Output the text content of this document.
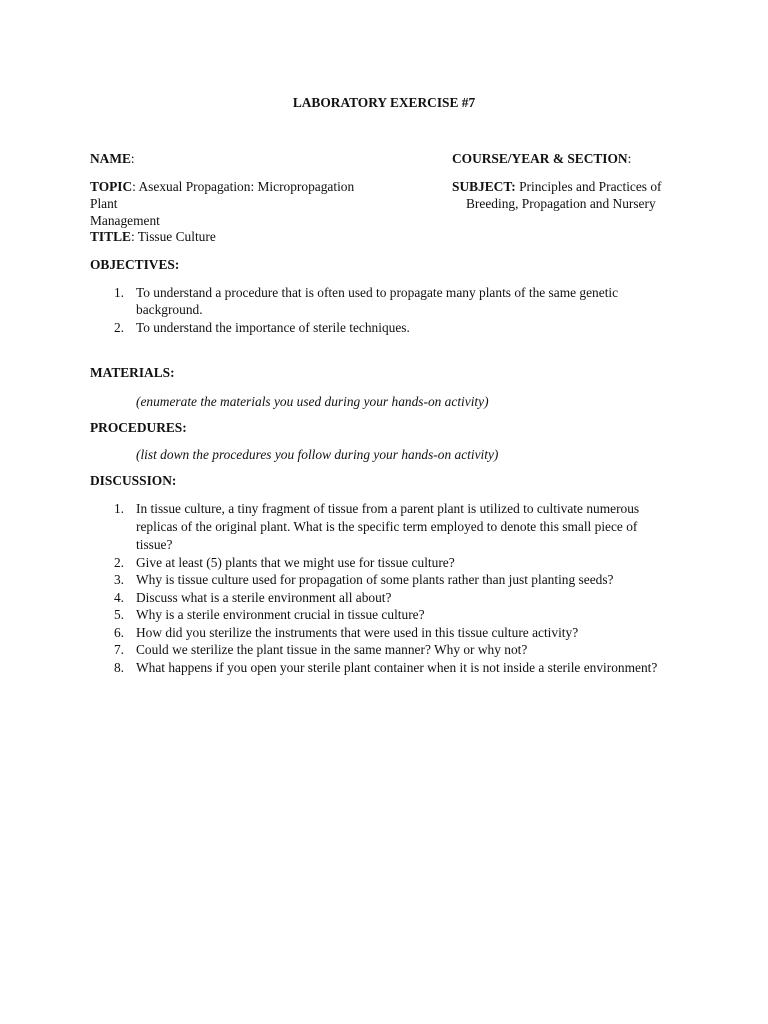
LABORATORY EXERCISE #7
NAME:	COURSE/YEAR & SECTION:
TOPIC: Asexual Propagation: Micropropagation
Plant
Management
SUBJECT: Principles and Practices of
Breeding, Propagation and Nursery
TITLE: Tissue Culture
OBJECTIVES:
1. To understand a procedure that is often used to propagate many plants of the same genetic
background.
2. To understand the importance of sterile techniques.
MATERIALS:
(enumerate the materials you used during your hands-on activity)
PROCEDURES:
(list down the procedures you follow during your hands-on activity)
DISCUSSION:
1. In tissue culture, a tiny fragment of tissue from a parent plant is utilized to cultivate numerous
replicas of the original plant. What is the specific term employed to denote this small piece of
tissue?
2. Give at least (5) plants that we might use for tissue culture?
3. Why is tissue culture used for propagation of some plants rather than just planting seeds?
4. Discuss what is a sterile environment all about?
5. Why is a sterile environment crucial in tissue culture?
6. How did you sterilize the instruments that were used in this tissue culture activity?
7. Could we sterilize the plant tissue in the same manner? Why or why not?
8. What happens if you open your sterile plant container when it is not inside a sterile environment?
